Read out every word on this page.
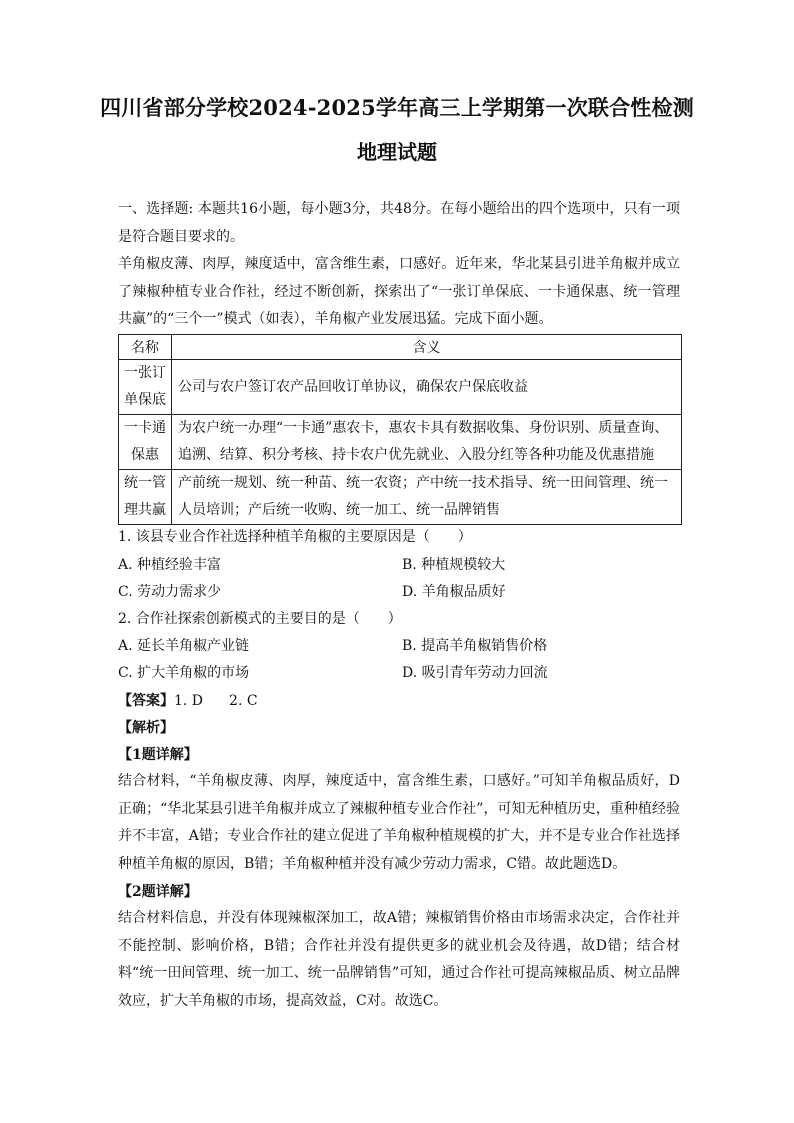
四川省部分学校2024-2025学年高三上学期第一次联合性检测
地理试题
一、选择题: 本题共16小题，每小题3分，共48分。在每小题给出的四个选项中，只有一项是符合题目要求的。
羊角椒皮薄、肉厚，辣度适中，富含维生素，口感好。近年来，华北某县引进羊角椒并成立了辣椒种植专业合作社，经过不断创新，探索出了“一张订单保底、一卡通保惠、统一管理共赢”的“三个一”模式（如表），羊角椒产业发展迅猛。完成下面小题。
名称	含义
一张订单保底	公司与农户签订农产品回收订单协议，确保农户保底收益
一卡通保惠	为农户统一办理“一卡通”惠农卡，惠农卡具有数据收集、身份识别、质量查询、追溯、结算、积分考核、持卡农户优先就业、入股分红等各种功能及优惠措施
统一管理共赢	产前统一规划、统一种苗、统一农资；产中统一技术指导、统一田间管理、统一人员培训；产后统一收购、统一加工、统一品牌销售
1. 该县专业合作社选择种植羊角椒的主要原因是（　　）
A. 种植经验丰富	B. 种植规模较大
C. 劳动力需求少	D. 羊角椒品质好
2. 合作社探索创新模式的主要目的是（　　）
A. 延长羊角椒产业链	B. 提高羊角椒销售价格
C. 扩大羊角椒的市场	D. 吸引青年劳动力回流
【答案】1. D 2. C
【解析】
【1题详解】
结合材料，“羊角椒皮薄、肉厚，辣度适中，富含维生素，口感好。”可知羊角椒品质好，D正确；“华北某县引进羊角椒并成立了辣椒种植专业合作社”，可知无种植历史，重种植经验并不丰富，A错；专业合作社的建立促进了羊角椒种植规模的扩大，并不是专业合作社选择种植羊角椒的原因，B错；羊角椒种植并没有减少劳动力需求，C错。故此题选D。
【2题详解】
结合材料信息，并没有体现辣椒深加工，故A错；辣椒销售价格由市场需求决定，合作社并不能控制、影响价格，B错；合作社并没有提供更多的就业机会及待遇，故D错；结合材料“统一田间管理、统一加工、统一品牌销售”可知，通过合作社可提高辣椒品质、树立品牌效应，扩大羊角椒的市场，提高效益，C对。故选C。
